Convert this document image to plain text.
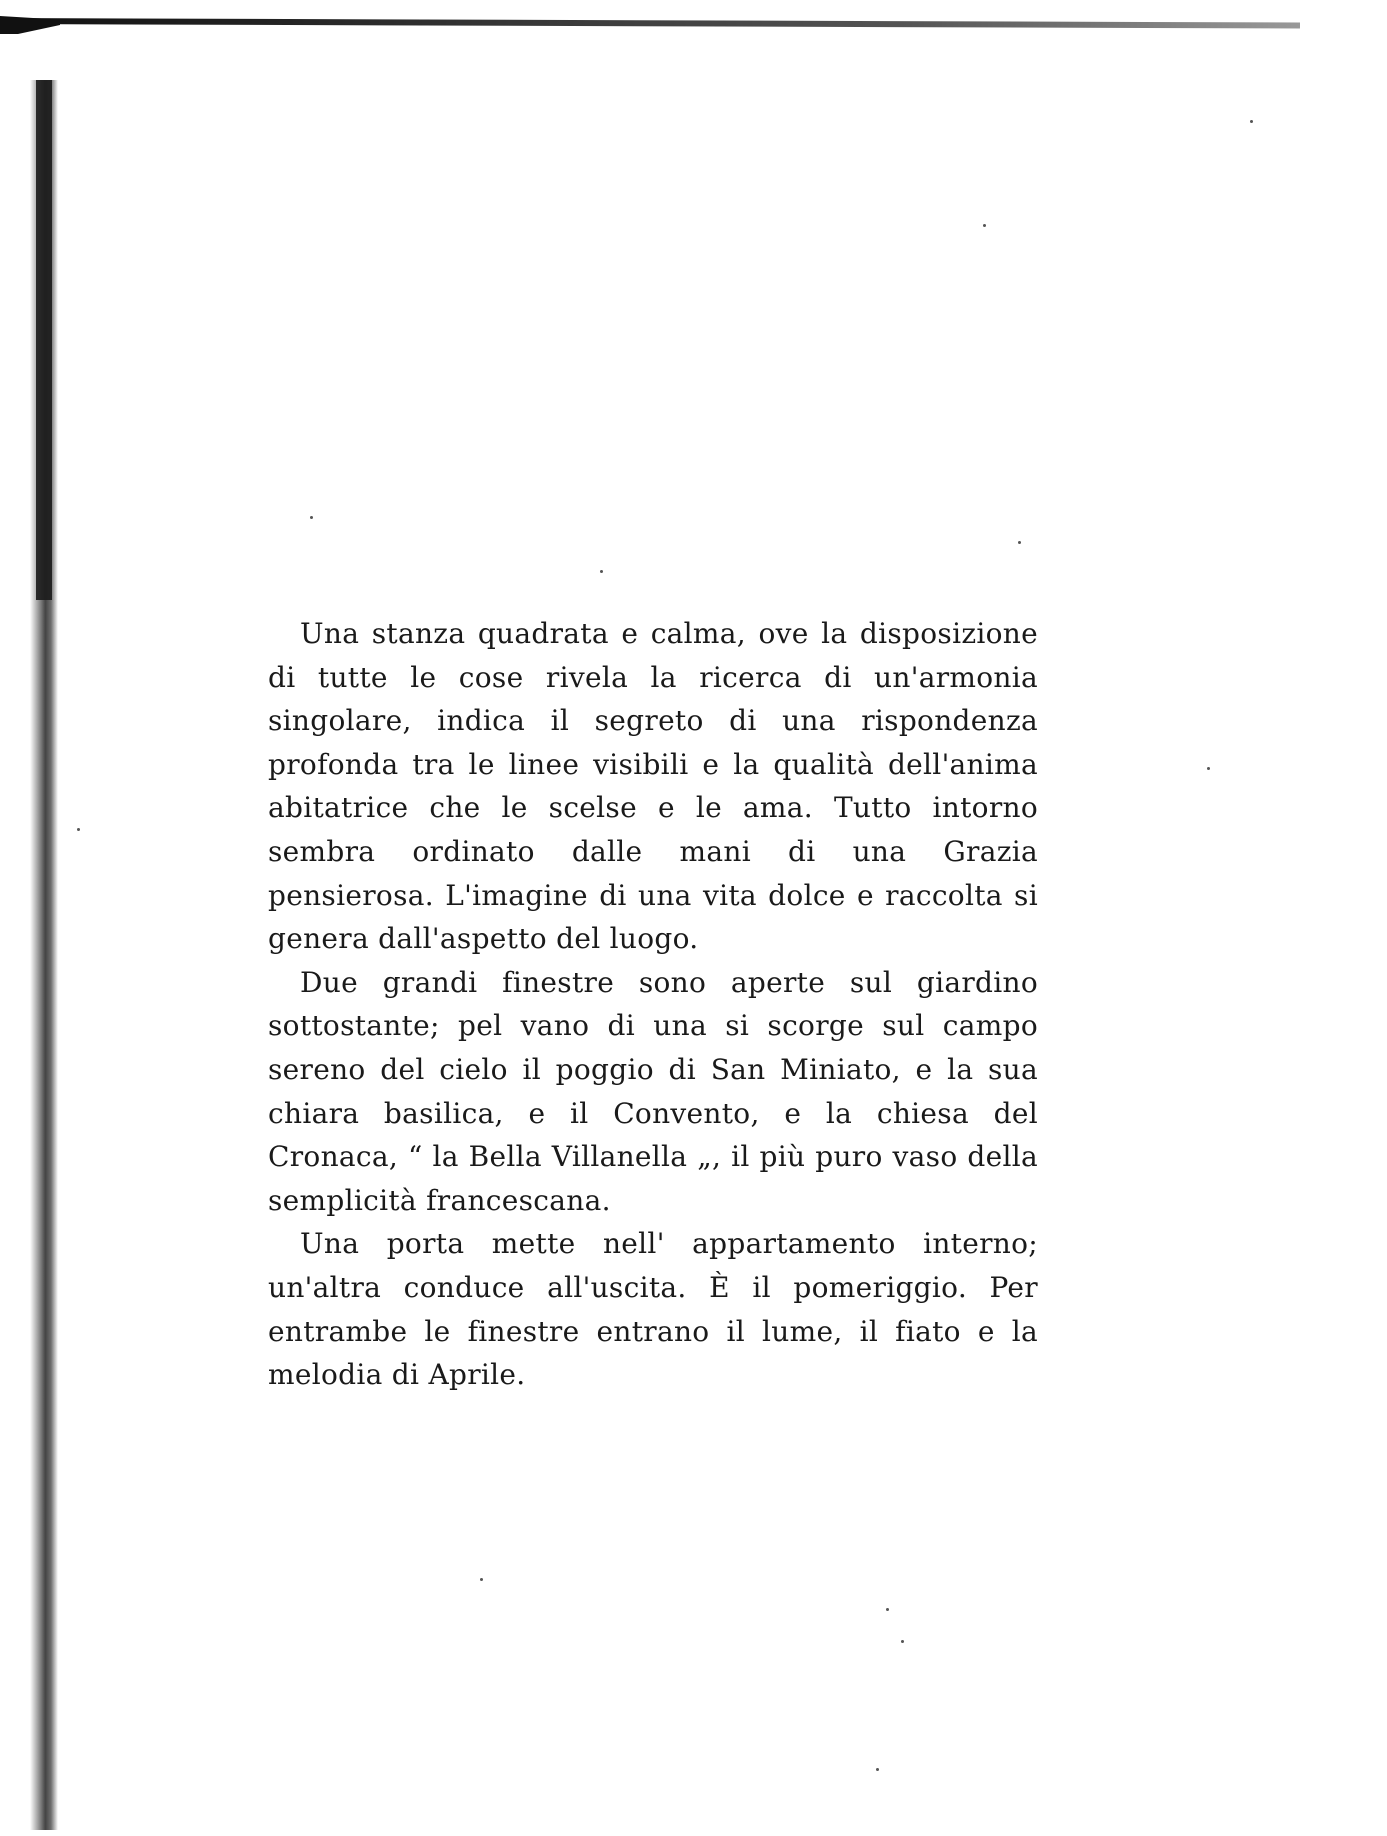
Una stanza quadrata e calma, ove la disposizione di tutte le cose rivela la ricerca di un'armonia singolare, indica il segreto di una rispondenza profonda tra le linee visibili e la qualità dell'anima abitatrice che le scelse e le ama. Tutto intorno sembra ordinato dalle mani di una Grazia pensierosa. L'imagine di una vita dolce e raccolta si genera dall'aspetto del luogo.

Due grandi finestre sono aperte sul giardino sottostante; pel vano di una si scorge sul campo sereno del cielo il poggio di San Miniato, e la sua chiara basilica, e il Convento, e la chiesa del Cronaca, “ la Bella Villanella „, il più puro vaso della semplicità francescana.

Una porta mette nell' appartamento interno; un'altra conduce all'uscita. È il pomeriggio. Per entrambe le finestre entrano il lume, il fiato e la melodia di Aprile.
